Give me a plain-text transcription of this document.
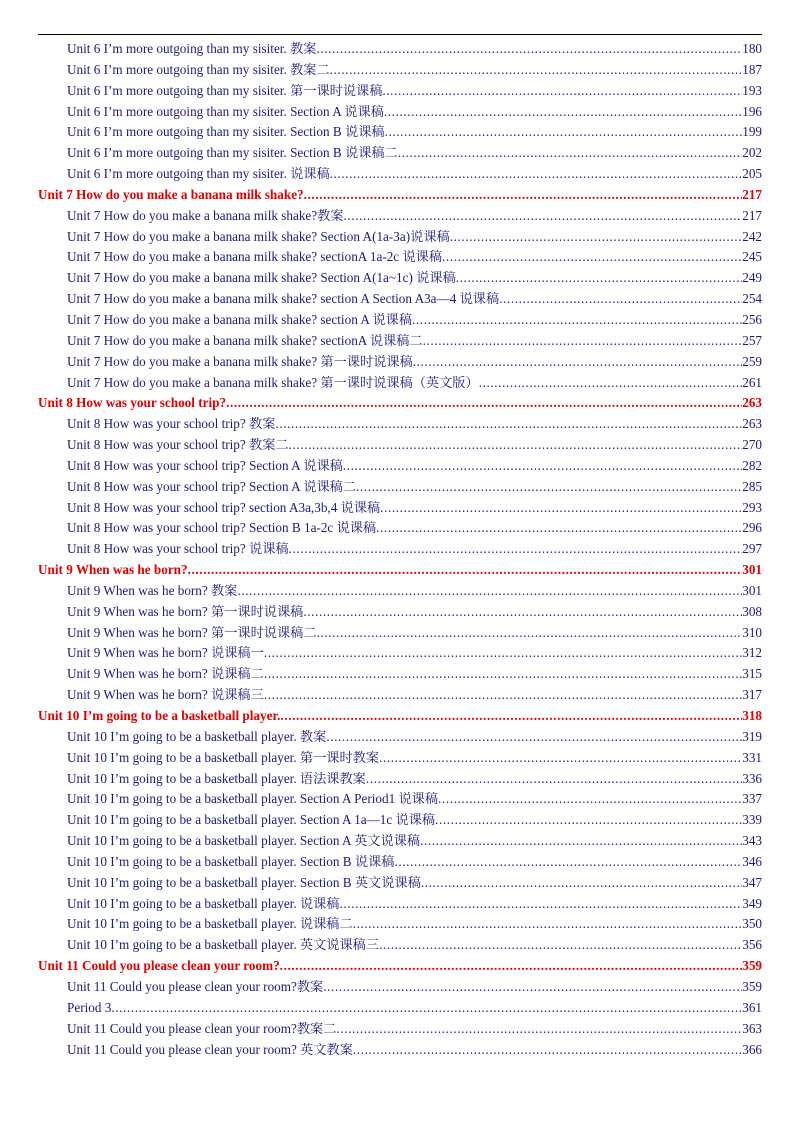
Unit 6 I’m more outgoing than my sisiter. 教案 .....	180
Unit 6 I’m more outgoing than my sisiter. 教案二 .....	187
Unit 6 I’m more outgoing than my sisiter. 第一课时说课稿 .....	193
Unit 6 I’m more outgoing than my sisiter. Section A 说课稿 .....	196
Unit 6 I’m more outgoing than my sisiter. Section B 说课稿 .....	199
Unit 6 I’m more outgoing than my sisiter. Section B 说课稿二 .....	202
Unit 6 I’m more outgoing than my sisiter. 说课稿 .....	205
Unit 7 How do you make a banana milk shake? .....	217
Unit 7 How do you make a banana milk shake?教案 .....	217
Unit 7 How do you make a banana milk shake? Section A(1a-3a)说课稿 .....	242
Unit 7 How do you make a banana milk shake? sectionA 1a-2c 说课稿 .....	245
Unit 7 How do you make a banana milk shake? Section A(1a~1c) 说课稿 .....	249
Unit 7 How do you make a banana milk shake? section A Section A3a—4 说课稿 .....	254
Unit 7 How do you make a banana milk shake? section A 说课稿 .....	256
Unit 7 How do you make a banana milk shake? sectionA 说课稿二 .....	257
Unit 7 How do you make a banana milk shake? 第一课时说课稿 .....	259
Unit 7 How do you make a banana milk shake? 第一课时说课稿（英文版） .....	261
Unit 8 How was your school trip? .....	263
Unit 8 How was your school trip? 教案 .....	263
Unit 8 How was your school trip? 教案二 .....	270
Unit 8 How was your school trip? Section A 说课稿 .....	282
Unit 8 How was your school trip? Section A 说课稿二 .....	285
Unit 8 How was your school trip? section A3a,3b,4 说课稿 .....	293
Unit 8 How was your school trip? Section B 1a-2c 说课稿 .....	296
Unit 8 How was your school trip? 说课稿 .....	297
Unit 9 When was he born? .....	301
Unit 9 When was he born? 教案 .....	301
Unit 9 When was he born? 第一课时说课稿 .....	308
Unit 9 When was he born? 第一课时说课稿二 .....	310
Unit 9 When was he born? 说课稿一 .....	312
Unit 9 When was he born? 说课稿二 .....	315
Unit 9 When was he born? 说课稿三 .....	317
Unit 10 I’m going to be a basketball player. .....	318
Unit 10 I’m going to be a basketball player. 教案 .....	319
Unit 10 I’m going to be a basketball player. 第一课时教案 .....	331
Unit 10 I’m going to be a basketball player. 语法课教案 .....	336
Unit 10 I’m going to be a basketball player. Section A Period1 说课稿 .....	337
Unit 10 I’m going to be a basketball player. Section A 1a—1c 说课稿 .....	339
Unit 10 I’m going to be a basketball player. Section A 英文说课稿 .....	343
Unit 10 I’m going to be a basketball player. Section B 说课稿 .....	346
Unit 10 I’m going to be a basketball player. Section B 英文说课稿 .....	347
Unit 10 I’m going to be a basketball player. 说课稿 .....	349
Unit 10 I’m going to be a basketball player. 说课稿二 .....	350
Unit 10 I’m going to be a basketball player. 英文说课稿三 .....	356
Unit 11 Could you please clean your room? .....	359
Unit 11 Could you please clean your room?教案 .....	359
Period 3 .....	361
Unit 11 Could you please clean your room?教案二 .....	363
Unit 11 Could you please clean your room? 英文教案 .....	366
